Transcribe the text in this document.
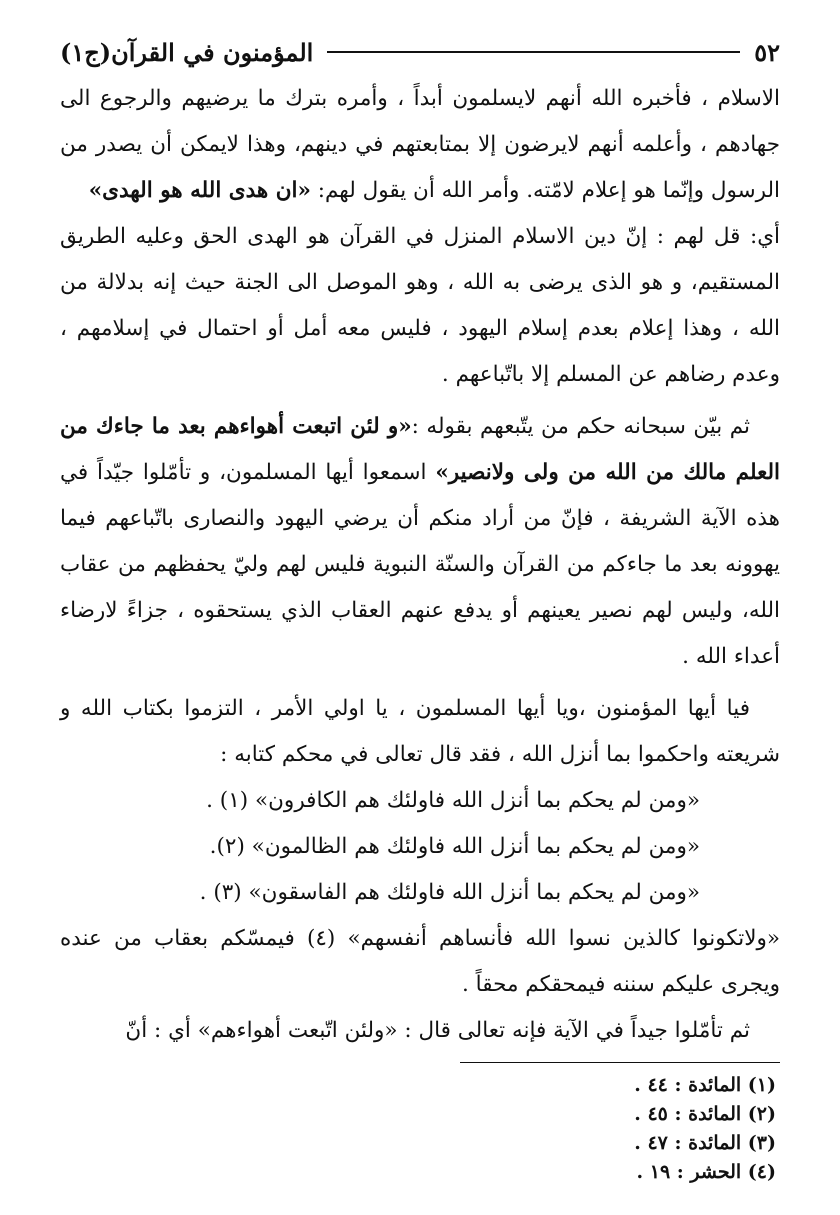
٥٢
المؤمنون في القرآن(ج١)

الاسلام ، فأخبره الله أنهم لايسلمون أبداً ، وأمره بترك ما يرضيهم والرجوع الى جهادهم ، وأعلمه أنهم لايرضون إلا بمتابعتهم في دينهم، وهذا لايمكن أن يصدر من الرسول وإنّما هو إعلام لامّته. وأمر الله أن يقول لهم: «ان هدى الله هو الهدى»

أي: قل لهم : إنّ دين الاسلام المنزل في القرآن هو الهدى الحق وعليه الطريق المستقيم، و هو الذى يرضى به الله ، وهو الموصل الى الجنة حيث إنه بدلالة من الله ، وهذا إعلام بعدم إسلام اليهود ، فليس معه أمل أو احتمال في إسلامهم ، وعدم رضاهم عن المسلم إلا باتّباعهم .

ثم بيّن سبحانه حكم من يتّبعهم بقوله :«و لئن اتبعت أهواءهم بعد ما جاءك من العلم مالك من الله من ولى ولانصير» اسمعوا أيها المسلمون، و تأمّلوا جيّداً في هذه الآية الشريفة ، فإنّ من أراد منكم أن يرضي اليهود والنصارى باتّباعهم فيما يهوونه بعد ما جاءكم من القرآن والسنّة النبوية فليس لهم وليّ يحفظهم من عقاب الله، وليس لهم نصير يعينهم أو يدفع عنهم العقاب الذي يستحقوه ، جزاءً لارضاء أعداء الله .

فيا أيها المؤمنون ،ويا أيها المسلمون ، يا اولي الأمر ، التزموا بكتاب الله و شريعته واحكموا بما أنزل الله ، فقد قال تعالى في محكم كتابه :

«ومن لم يحكم بما أنزل الله فاولئك هم الكافرون» (١) .

«ومن لم يحكم بما أنزل الله فاولئك هم الظالمون» (٢).

«ومن لم يحكم بما أنزل الله فاولئك هم الفاسقون» (٣) .

«ولاتكونوا كالذين نسوا الله فأنساهم أنفسهم» (٤) فيمسّكم بعقاب من عنده ويجرى عليكم سننه فيمحقكم محقاً .

ثم تأمّلوا جيداً في الآية فإنه تعالى قال : «ولئن اتّبعت أهواءهم» أي : أنّ

(١) المائدة : ٤٤ .
(٢) المائدة : ٤٥ .
(٣) المائدة : ٤٧ .
(٤) الحشر : ١٩ .
